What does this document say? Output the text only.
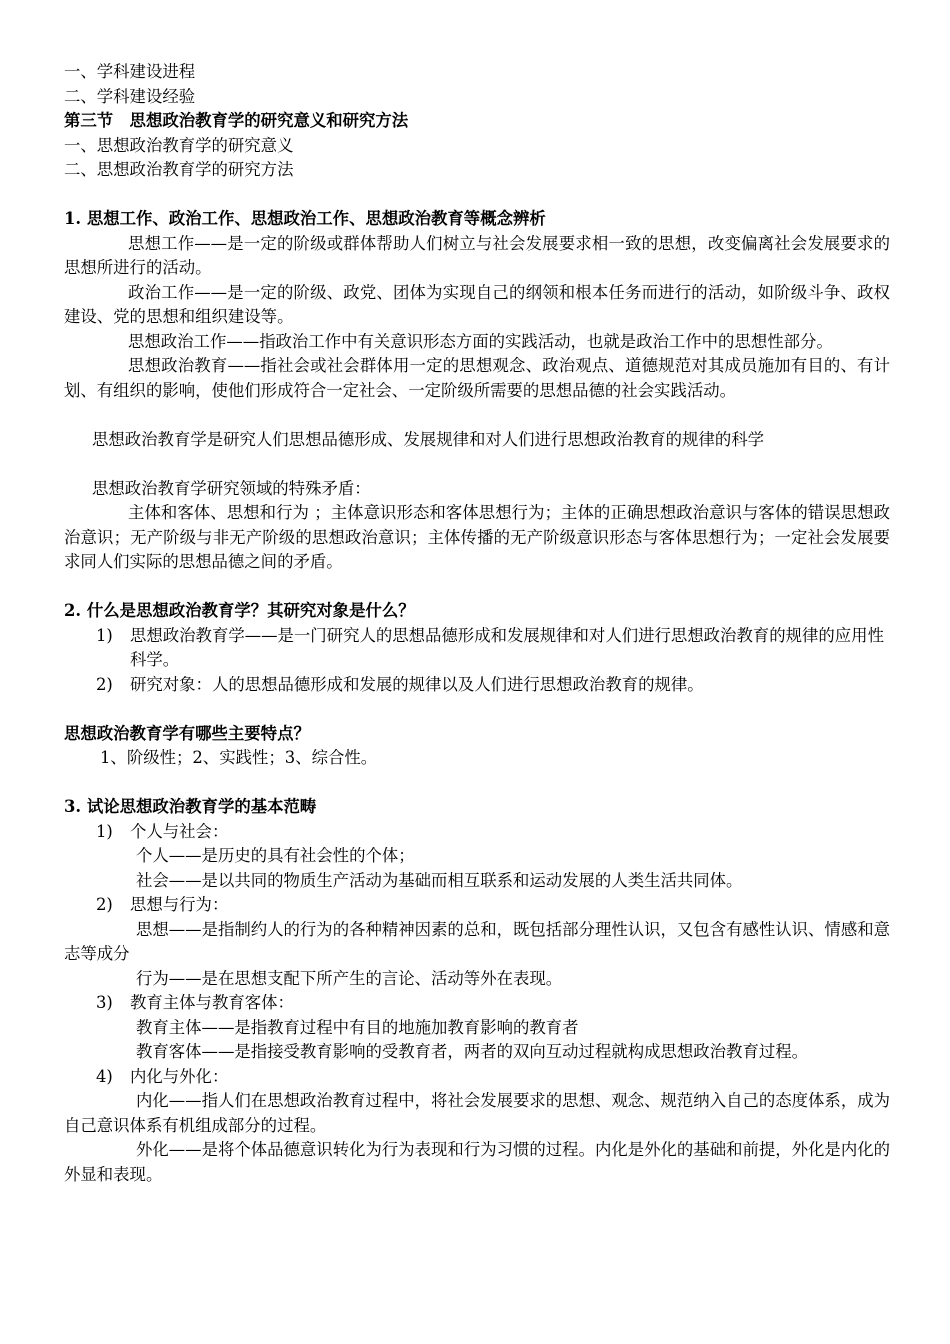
一、学科建设进程
二、学科建设经验
第三节　思想政治教育学的研究意义和研究方法
一、思想政治教育学的研究意义
二、思想政治教育学的研究方法
1. 思想工作、政治工作、思想政治工作、思想政治教育等概念辨析
思想工作——是一定的阶级或群体帮助人们树立与社会发展要求相一致的思想，改变偏离社会发展要求的思想所进行的活动。
政治工作——是一定的阶级、政党、团体为实现自己的纲领和根本任务而进行的活动，如阶级斗争、政权建设、党的思想和组织建设等。
思想政治工作——指政治工作中有关意识形态方面的实践活动，也就是政治工作中的思想性部分。
思想政治教育——指社会或社会群体用一定的思想观念、政治观点、道德规范对其成员施加有目的、有计划、有组织的影响，使他们形成符合一定社会、一定阶级所需要的思想品德的社会实践活动。
思想政治教育学是研究人们思想品德形成、发展规律和对人们进行思想政治教育的规律的科学
思想政治教育学研究领域的特殊矛盾：
主体和客体、思想和行为 ；主体意识形态和客体思想行为；主体的正确思想政治意识与客体的错误思想政治意识；无产阶级与非无产阶级的思想政治意识；主体传播的无产阶级意识形态与客体思想行为；一定社会发展要求同人们实际的思想品德之间的矛盾。
2. 什么是思想政治教育学？其研究对象是什么？
1)	思想政治教育学——是一门研究人的思想品德形成和发展规律和对人们进行思想政治教育的规律的应用性科学。
2)	研究对象：人的思想品德形成和发展的规律以及人们进行思想政治教育的规律。
思想政治教育学有哪些主要特点？
1、阶级性；2、实践性；3、综合性。
3. 试论思想政治教育学的基本范畴
1)	个人与社会：
个人——是历史的具有社会性的个体；
社会——是以共同的物质生产活动为基础而相互联系和运动发展的人类生活共同体。
2)	思想与行为：
思想——是指制约人的行为的各种精神因素的总和，既包括部分理性认识，又包含有感性认识、情感和意志等成分
行为——是在思想支配下所产生的言论、活动等外在表现。
3)	教育主体与教育客体：
教育主体——是指教育过程中有目的地施加教育影响的教育者
教育客体——是指接受教育影响的受教育者，两者的双向互动过程就构成思想政治教育过程。
4)	内化与外化：
内化——指人们在思想政治教育过程中，将社会发展要求的思想、观念、规范纳入自己的态度体系，成为自己意识体系有机组成部分的过程。
外化——是将个体品德意识转化为行为表现和行为习惯的过程。内化是外化的基础和前提，外化是内化的外显和表现。
